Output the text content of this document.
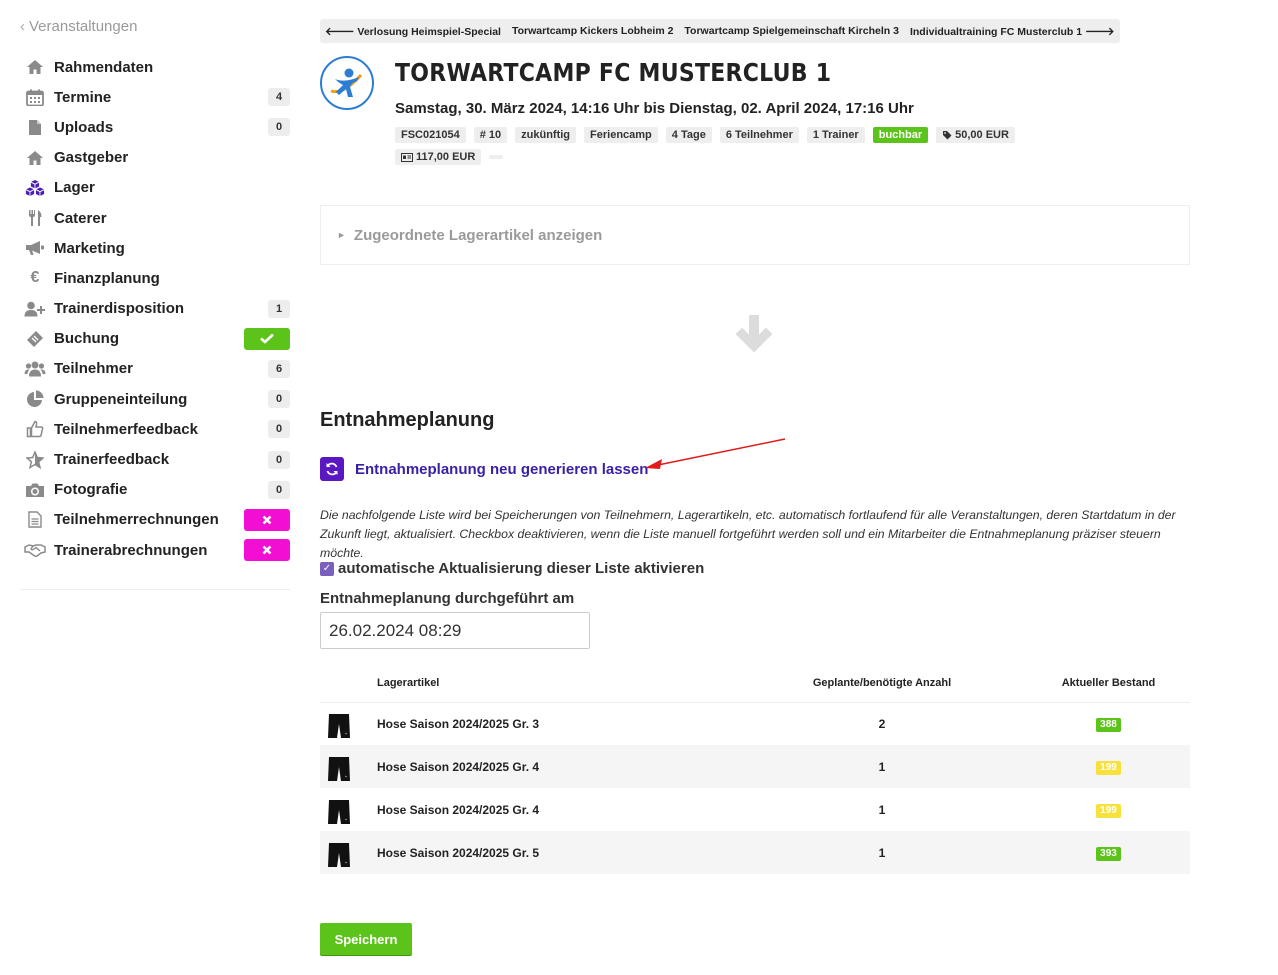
‹ Veranstaltungen
Rahmendaten
Termine	4
Uploads	0
Gastgeber
Lager
Caterer
Marketing
€ Finanzplanung
Trainerdisposition	1
Buchung
Teilnehmer	6
Gruppeneinteilung	0
Teilnehmerfeedback	0
Trainerfeedback	0
Fotografie	0
Teilnehmerrechnungen
Trainerabrechnungen
🡐 Verlosung Heimspiel-Special Torwartcamp Kickers Lobheim 2 Torwartcamp Spielgemeinschaft Kircheln 3 Individualtraining FC Musterclub 1 🡒
TORWARTCAMP FC MUSTERCLUB 1
Samstag, 30. März 2024, 14:16 Uhr bis Dienstag, 02. April 2024, 17:16 Uhr
FSC021054	# 10	zukünftig	Feriencamp	4 Tage	6 Teilnehmer	1 Trainer	buchbar	50,00 EUR
117,00 EUR
► Zugeordnete Lagerartikel anzeigen
Entnahmeplanung
Entnahmeplanung neu generieren lassen
Die nachfolgende Liste wird bei Speicherungen von Teilnehmern, Lagerartikeln, etc. automatisch fortlaufend für alle Veranstaltungen, deren Startdatum in der Zukunft liegt, aktualisiert. Checkbox deaktivieren, wenn die Liste manuell fortgeführt werden soll und ein Mitarbeiter die Entnahmeplanung präziser steuern möchte.
✓ automatische Aktualisierung dieser Liste aktivieren
Entnahmeplanung durchgeführt am
26.02.2024 08:29
	Lagerartikel	Geplante/benötigte Anzahl	Aktueller Bestand

	Hose Saison 2024/2025 Gr. 3	2	388

	Hose Saison 2024/2025 Gr. 4	1	199

	Hose Saison 2024/2025 Gr. 4	1	199

	Hose Saison 2024/2025 Gr. 5	1	393
Speichern
